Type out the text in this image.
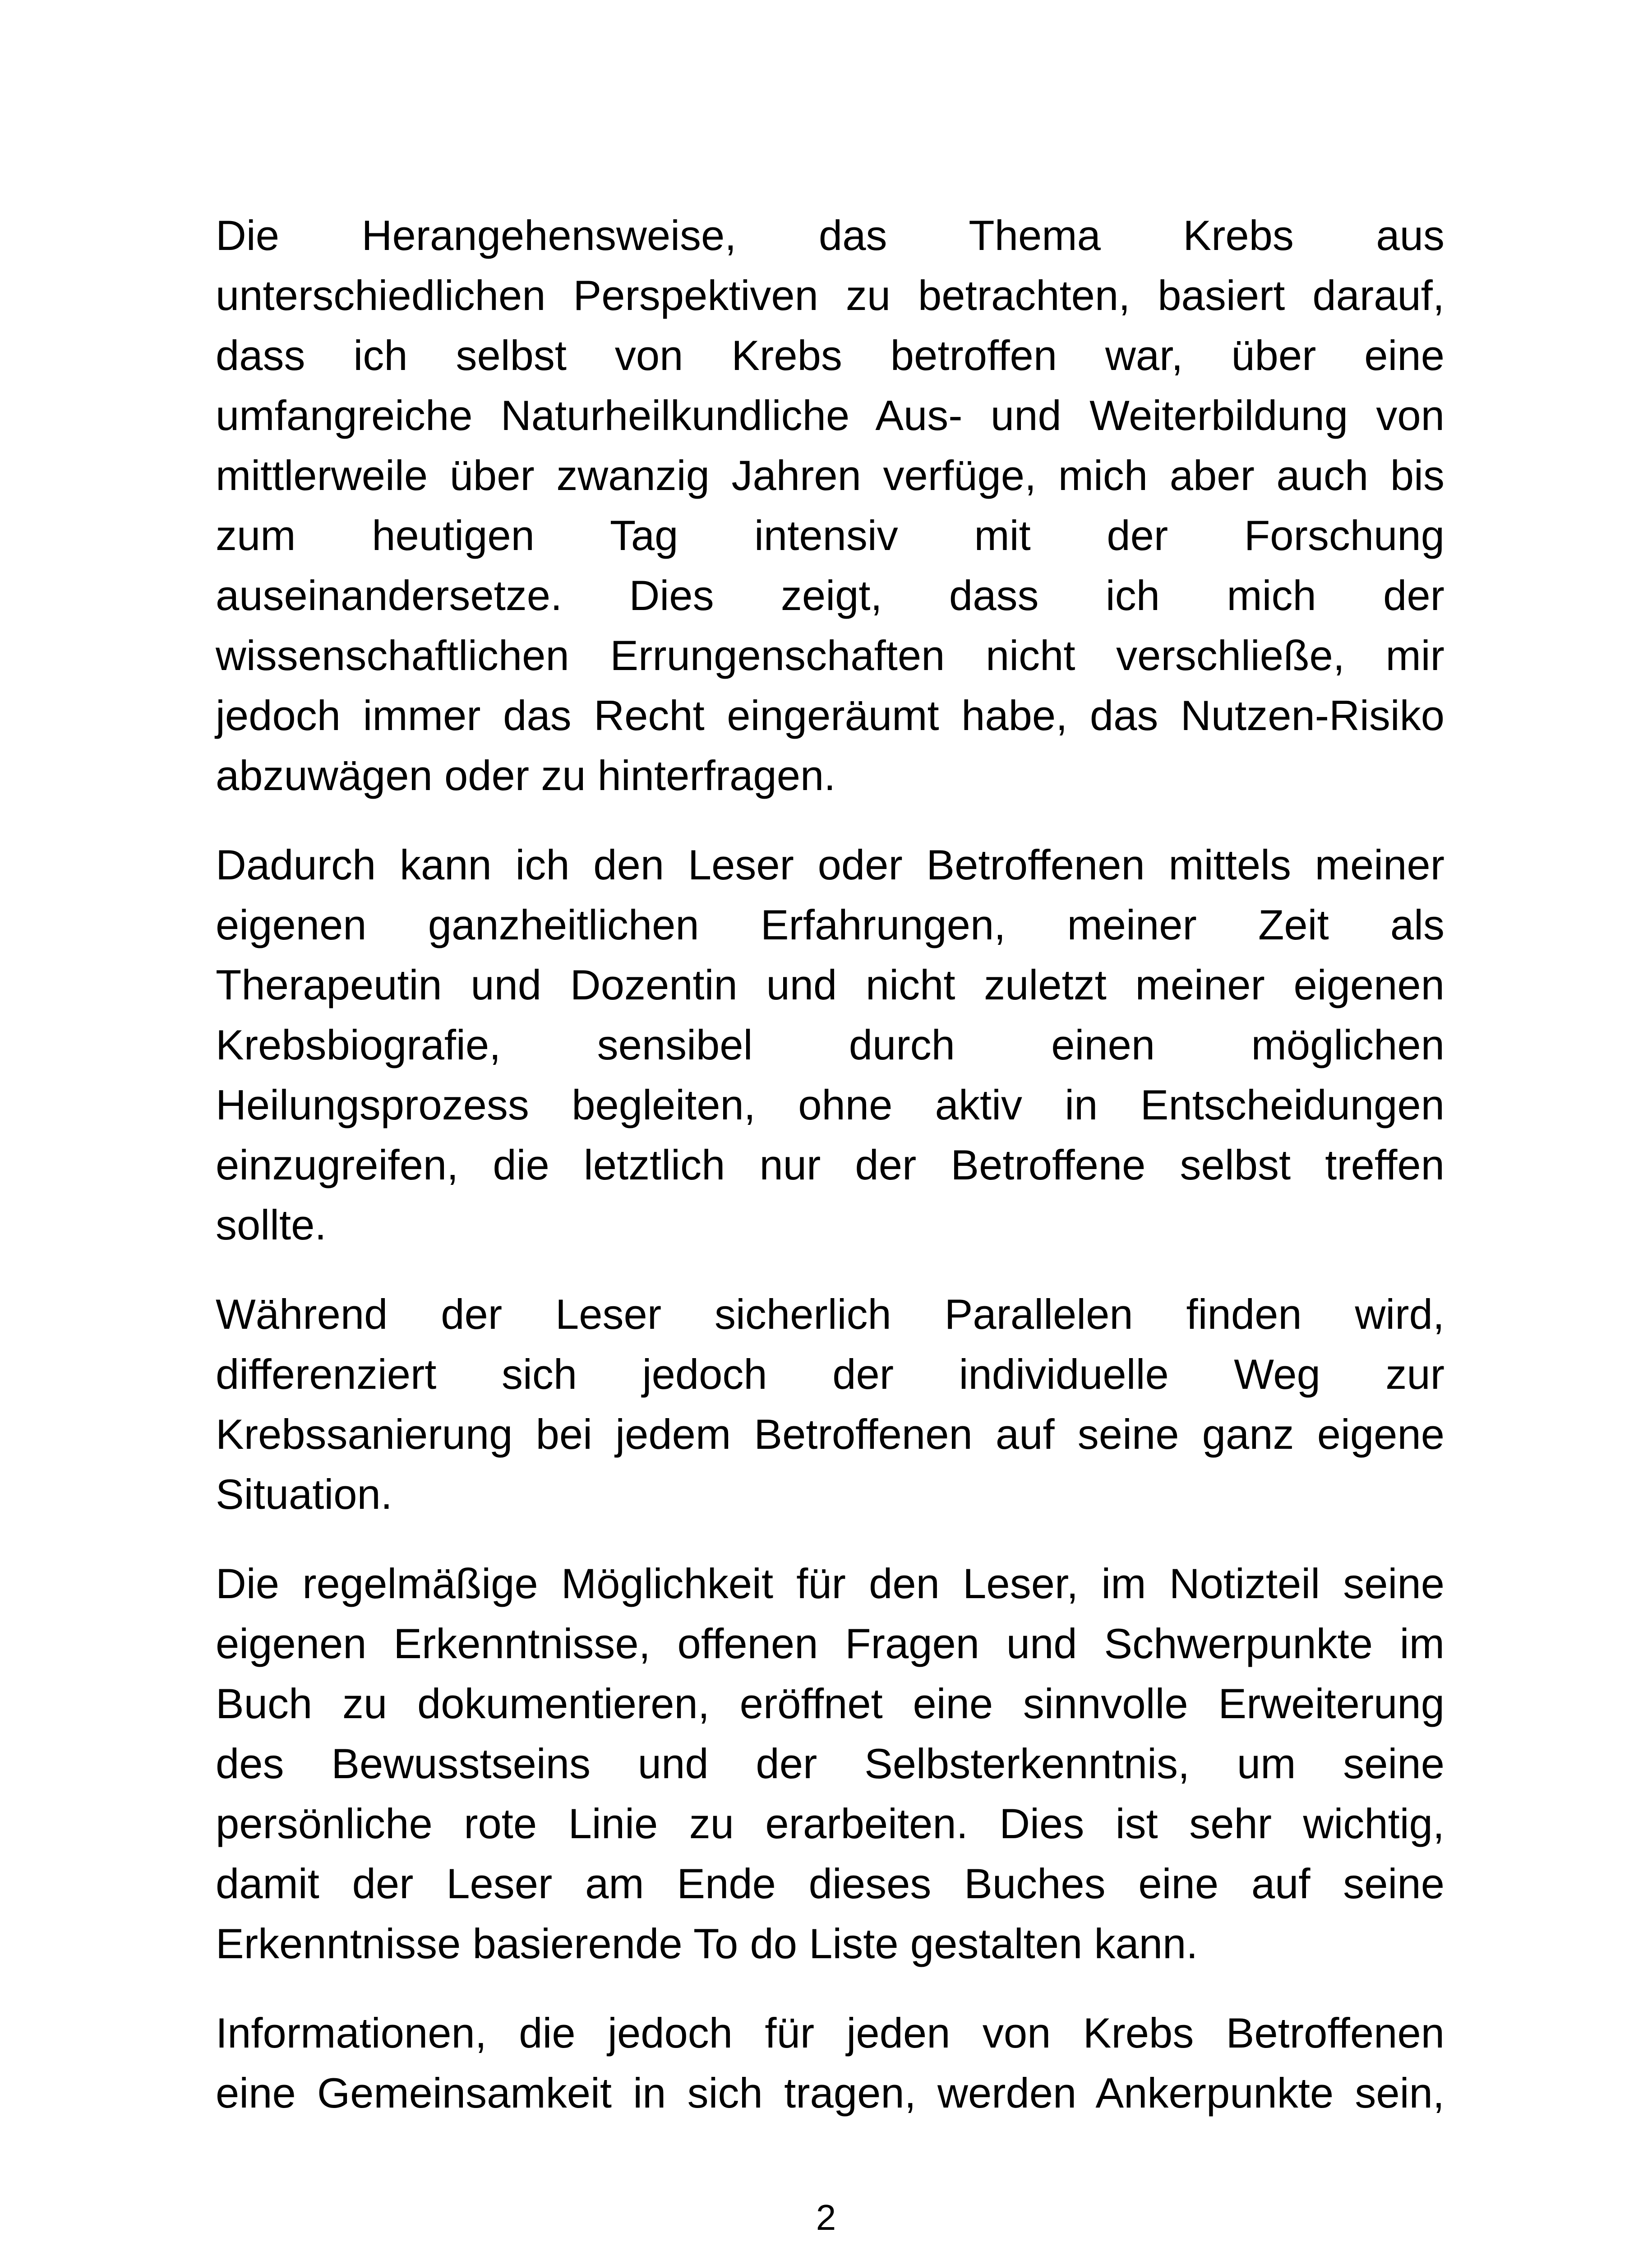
Die Herangehensweise, das Thema Krebs aus
unterschiedlichen Perspektiven zu betrachten, basiert darauf,
dass ich selbst von Krebs betroffen war, über eine
umfangreiche Naturheilkundliche Aus- und Weiterbildung von
mittlerweile über zwanzig Jahren verfüge, mich aber auch bis
zum heutigen Tag intensiv mit der Forschung
auseinandersetze. Dies zeigt, dass ich mich der
wissenschaftlichen Errungenschaften nicht verschließe, mir
jedoch immer das Recht eingeräumt habe, das Nutzen-Risiko
abzuwägen oder zu hinterfragen.

Dadurch kann ich den Leser oder Betroffenen mittels meiner
eigenen ganzheitlichen Erfahrungen, meiner Zeit als
Therapeutin und Dozentin und nicht zuletzt meiner eigenen
Krebsbiografie, sensibel durch einen möglichen
Heilungsprozess begleiten, ohne aktiv in Entscheidungen
einzugreifen, die letztlich nur der Betroffene selbst treffen
sollte.

Während der Leser sicherlich Parallelen finden wird,
differenziert sich jedoch der individuelle Weg zur
Krebssanierung bei jedem Betroffenen auf seine ganz eigene
Situation.

Die regelmäßige Möglichkeit für den Leser, im Notizteil seine
eigenen Erkenntnisse, offenen Fragen und Schwerpunkte im
Buch zu dokumentieren, eröffnet eine sinnvolle Erweiterung
des Bewusstseins und der Selbsterkenntnis, um seine
persönliche rote Linie zu erarbeiten. Dies ist sehr wichtig,
damit der Leser am Ende dieses Buches eine auf seine
Erkenntnisse basierende To do Liste gestalten kann.

Informationen, die jedoch für jeden von Krebs Betroffenen
eine Gemeinsamkeit in sich tragen, werden Ankerpunkte sein,

2
